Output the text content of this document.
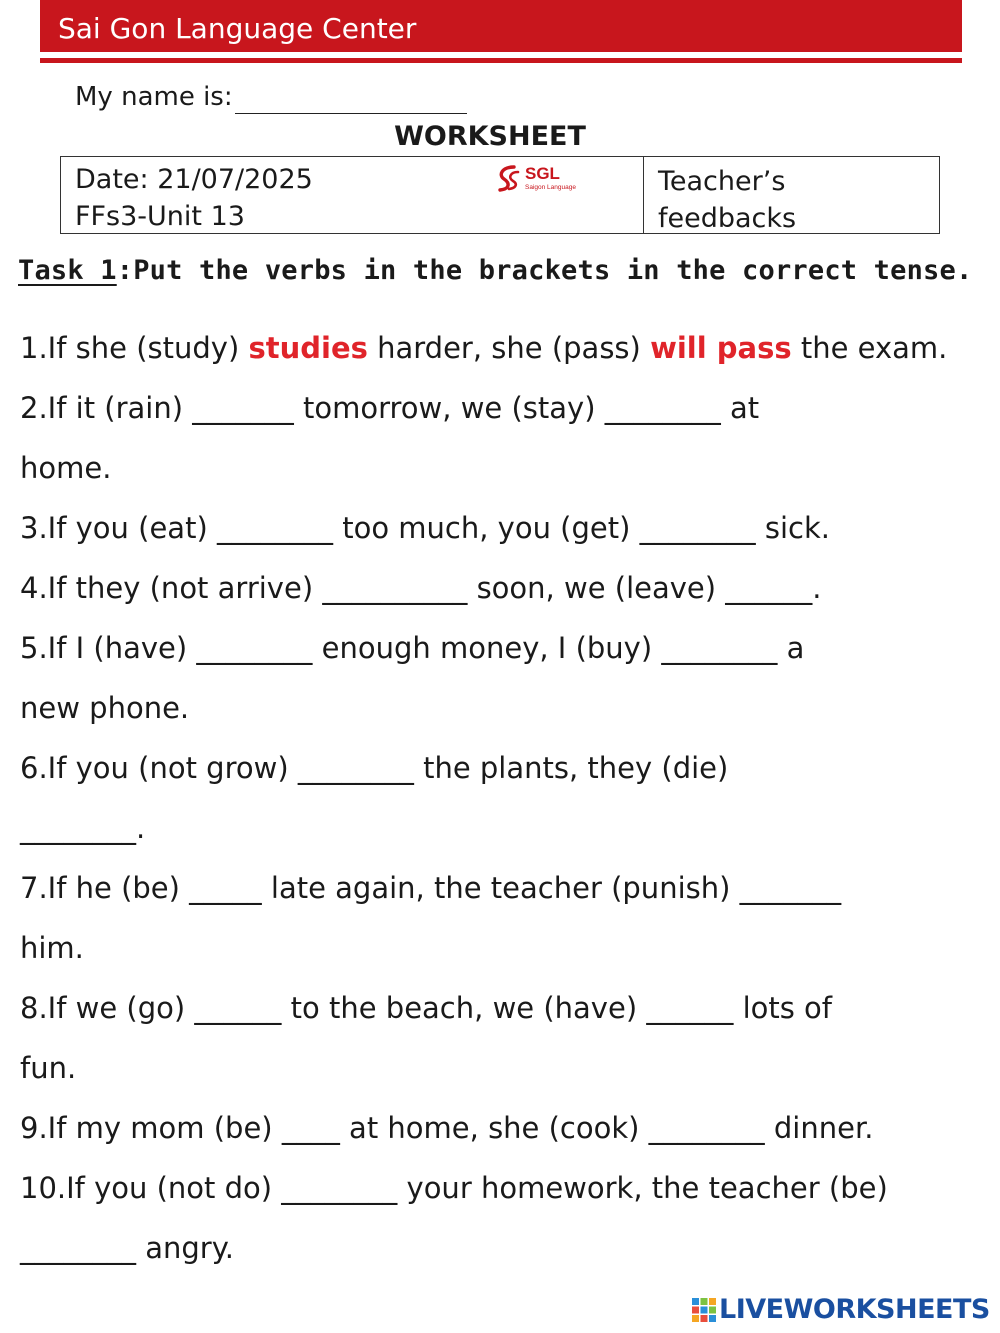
Sai Gon Language Center
My name is:
WORKSHEET
Date: 21/07/2025
FFs3-Unit 13
SGL
Saigon Language	Teacher’s feedbacks
Task 1:Put the verbs in the brackets in the correct tense.
1.If she (study) studies harder, she (pass) will pass the exam.
2.If it (rain) _______ tomorrow, we (stay) ________ at
home.
3.If you (eat) ________ too much, you (get) ________ sick.
4.If they (not arrive) __________ soon, we (leave) ______.
5.If I (have) ________ enough money, I (buy) ________ a
new phone.
6.If you (not grow) ________ the plants, they (die)
________.
7.If he (be) _____ late again, the teacher (punish) _______
him.
8.If we (go) ______ to the beach, we (have) ______ lots of
fun.
9.If my mom (be) ____ at home, she (cook) ________ dinner.
10.If you (not do) ________ your homework, the teacher (be)
________ angry.
LIVEWORKSHEETS
